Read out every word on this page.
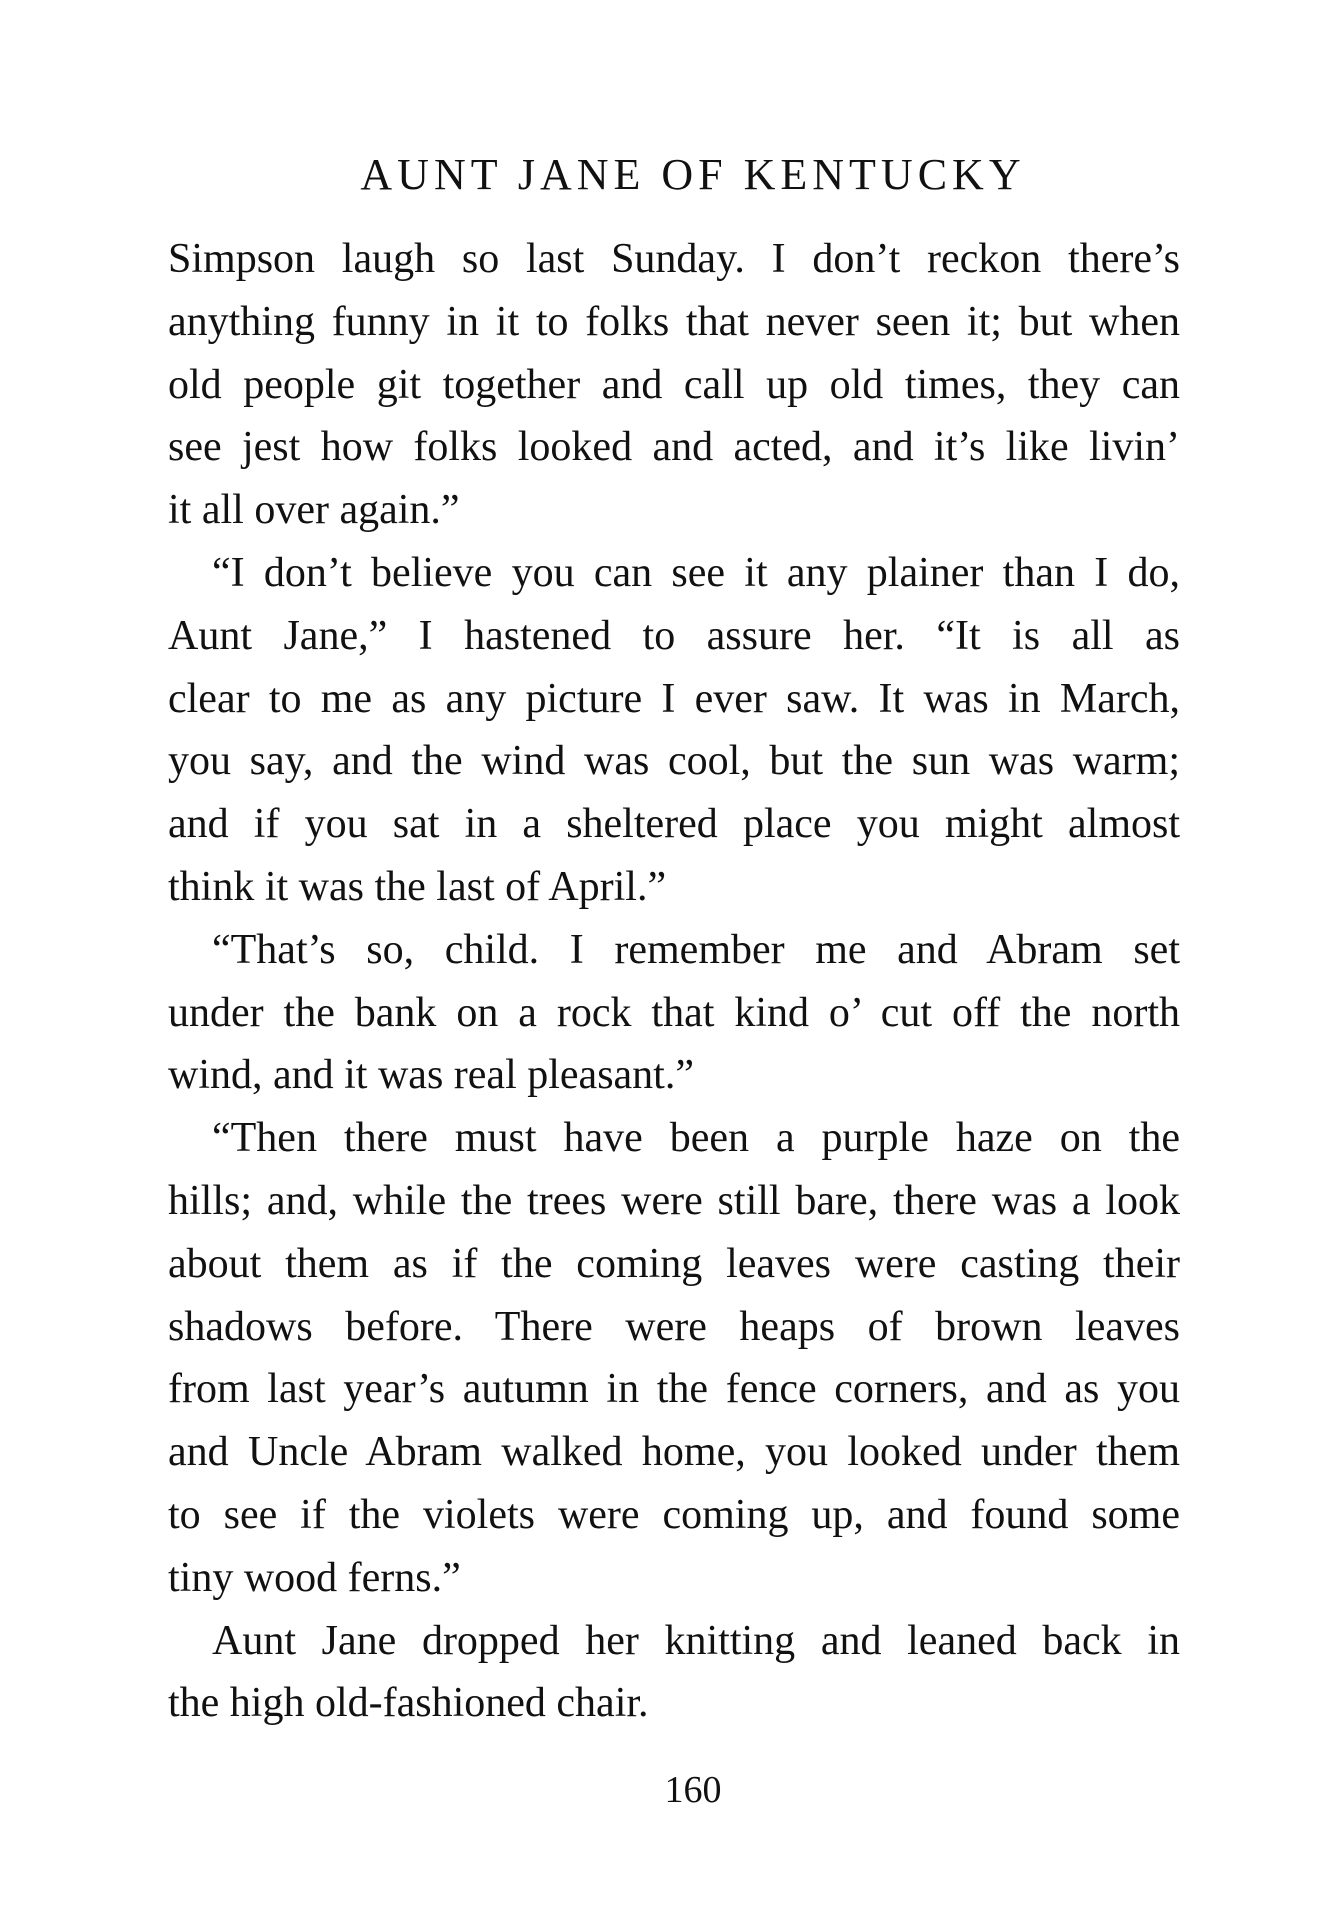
AUNT JANE OF KENTUCKY
Simpson laugh so last Sunday. I don’t reckon there’s
anything funny in it to folks that never seen it; but when
old people git together and call up old times, they can
see jest how folks looked and acted, and it’s like livin’
it all over again.”
“I don’t believe you can see it any plainer than I do,
Aunt Jane,” I hastened to assure her. “It is all as
clear to me as any picture I ever saw. It was in March,
you say, and the wind was cool, but the sun was warm;
and if you sat in a sheltered place you might almost
think it was the last of April.”
“That’s so, child. I remember me and Abram set
under the bank on a rock that kind o’ cut off the north
wind, and it was real pleasant.”
“Then there must have been a purple haze on the
hills; and, while the trees were still bare, there was a look
about them as if the coming leaves were casting their
shadows before. There were heaps of brown leaves
from last year’s autumn in the fence corners, and as you
and Uncle Abram walked home, you looked under them
to see if the violets were coming up, and found some
tiny wood ferns.”
Aunt Jane dropped her knitting and leaned back in
the high old-fashioned chair.
160
